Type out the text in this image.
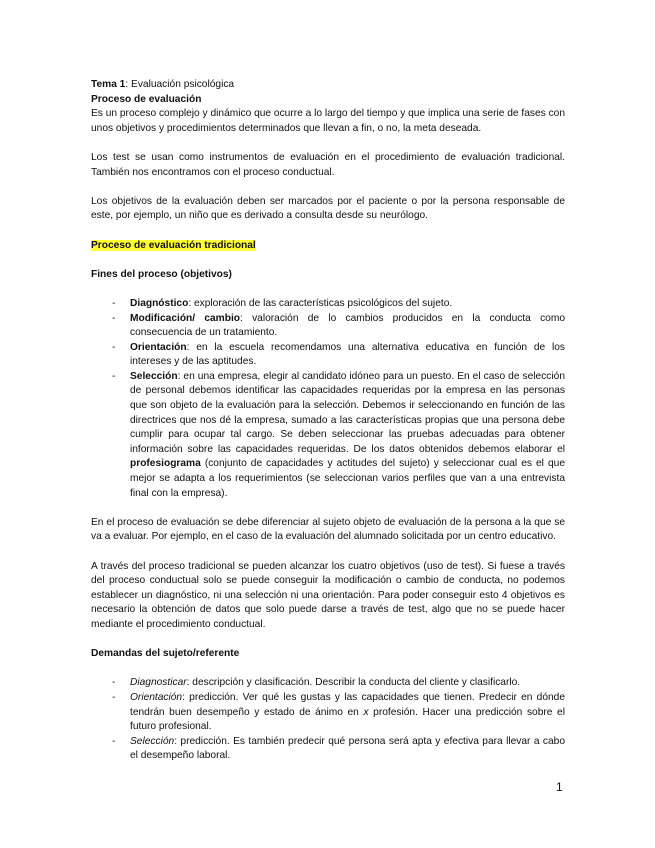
Tema 1: Evaluación psicológica

Proceso de evaluación

Es un proceso complejo y dinámico que ocurre a lo largo del tiempo y que implica una serie de fases con unos objetivos y procedimientos determinados que llevan a fin, o no, la meta deseada.

Los test se usan como instrumentos de evaluación en el procedimiento de evaluación tradicional. También nos encontramos con el proceso conductual.

Los objetivos de la evaluación deben ser marcados por el paciente o por la persona responsable de este, por ejemplo, un niño que es derivado a consulta desde su neurólogo.

Proceso de evaluación tradicional

Fines del proceso (objetivos)

- Diagnóstico: exploración de las características psicológicos del sujeto.
- Modificación/ cambio: valoración de lo cambios producidos en la conducta como consecuencia de un tratamiento.
- Orientación: en la escuela recomendamos una alternativa educativa en función de los intereses y de las aptitudes.
- Selección: en una empresa, elegir al candidato idóneo para un puesto. En el caso de selección de personal debemos identificar las capacidades requeridas por la empresa en las personas que son objeto de la evaluación para la selección. Debemos ir seleccionando en función de las directrices que nos dé la empresa, sumado a las características propias que una persona debe cumplir para ocupar tal cargo. Se deben seleccionar las pruebas adecuadas para obtener información sobre las capacidades requeridas. De los datos obtenidos debemos elaborar el profesiograma (conjunto de capacidades y actitudes del sujeto) y seleccionar cual es el que mejor se adapta a los requerimientos (se seleccionan varios perfiles que van a una entrevista final con la empresa).

En el proceso de evaluación se debe diferenciar al sujeto objeto de evaluación de la persona a la que se va a evaluar. Por ejemplo, en el caso de la evaluación del alumnado solicitada por un centro educativo.

A través del proceso tradicional se pueden alcanzar los cuatro objetivos (uso de test). Si fuese a través del proceso conductual solo se puede conseguir la modificación o cambio de conducta, no podemos establecer un diagnóstico, ni una selección ni una orientación. Para poder conseguir esto 4 objetivos es necesario la obtención de datos que solo puede darse a través de test, algo que no se puede hacer mediante el procedimiento conductual.

Demandas del sujeto/referente

- Diagnosticar: descripción y clasificación. Describir la conducta del cliente y clasificarlo.
- Orientación: predicción. Ver qué les gustas y las capacidades que tienen. Predecir en dónde tendrán buen desempeño y estado de ánimo en x profesión. Hacer una predicción sobre el futuro profesional.
- Selección: predicción. Es también predecir qué persona será apta y efectiva para llevar a cabo el desempeño laboral.
1
